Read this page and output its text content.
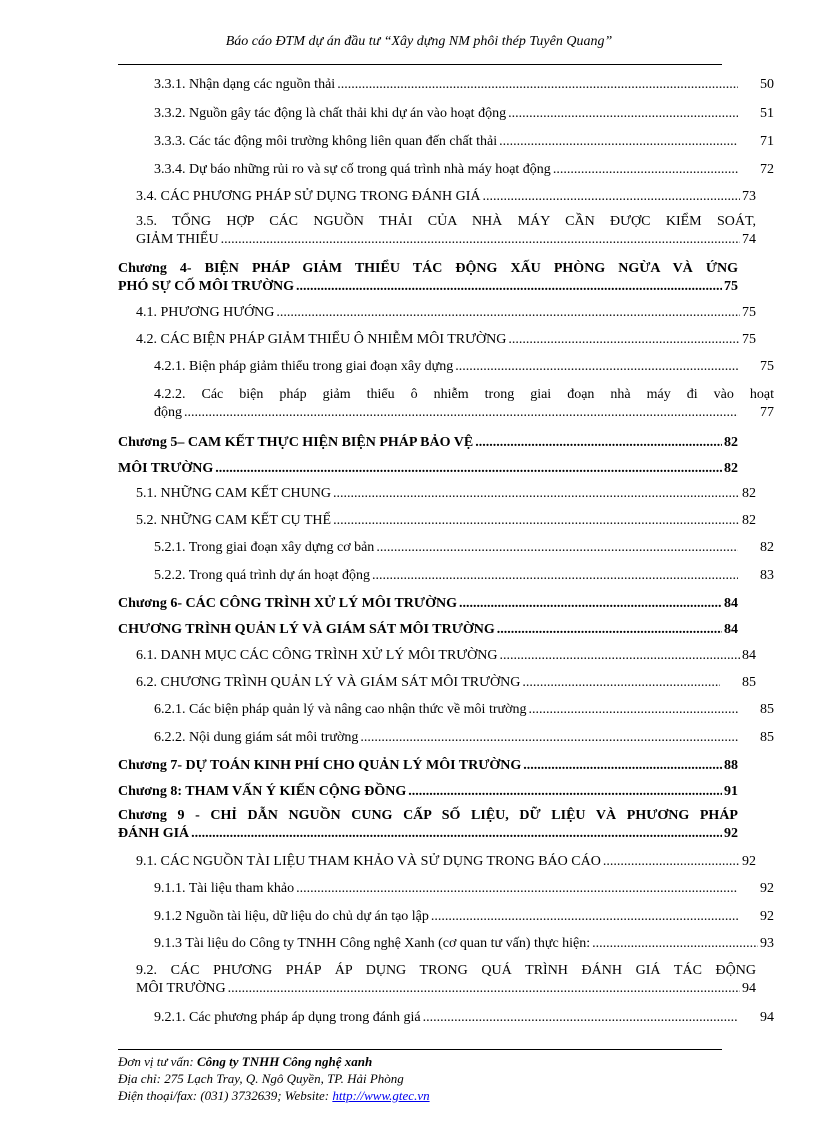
Báo cáo ĐTM dự án đầu tư “Xây dựng NM phôi thép Tuyên Quang”
3.3.1. Nhận dạng các nguồn thải .....	50
3.3.2. Nguồn gây tác động là chất thải khi dự án vào hoạt động .....	51
3.3.3. Các tác động môi trường không liên quan đến chất thải .....	71
3.3.4. Dự báo những rủi ro và sự cố trong quá trình nhà máy hoạt động .....	72
3.4. CÁC PHƯƠNG PHÁP SỬ DỤNG TRONG ĐÁNH GIÁ .....	73
3.5. TỔNG HỢP CÁC NGUỒN THẢI CỦA NHÀ MÁY CẦN ĐƯỢC KIỂM SOÁT,
GIẢM THIỂU .....	74
Chương 4- BIỆN PHÁP GIẢM THIỂU TÁC ĐỘNG XẤU PHÒNG NGỪA VÀ ỨNG
PHÓ SỰ CỐ MÔI TRƯỜNG .....	75
4.1. PHƯƠNG HƯỚNG .....	75
4.2. CÁC BIỆN PHÁP GIẢM THIỂU Ô NHIỄM MÔI TRƯỜNG .....	75
4.2.1. Biện pháp giảm thiểu trong giai đoạn xây dựng .....	75
4.2.2. Các biện pháp giảm thiểu ô nhiễm trong giai đoạn nhà máy đi vào hoạt
động .....	77
Chương 5– CAM KẾT THỰC HIỆN BIỆN PHÁP BẢO VỆ .....	82
MÔI TRƯỜNG .....	82
5.1. NHỮNG CAM KẾT CHUNG .....	82
5.2. NHỮNG CAM KẾT CỤ THỂ .....	82
5.2.1. Trong giai đoạn xây dựng cơ bản .....	82
5.2.2. Trong quá trình dự án hoạt động .....	83
Chương 6- CÁC CÔNG TRÌNH XỬ LÝ MÔI TRƯỜNG .....	84
CHƯƠNG TRÌNH QUẢN LÝ VÀ GIÁM SÁT MÔI TRƯỜNG .....	84
6.1. DANH MỤC CÁC CÔNG TRÌNH XỬ LÝ MÔI TRƯỜNG .....	84
6.2. CHƯƠNG TRÌNH QUẢN LÝ VÀ GIÁM SÁT MÔI TRƯỜNG .....	85
6.2.1. Các biện pháp quản lý và nâng cao nhận thức về môi trường .....	85
6.2.2. Nội dung giám sát môi trường .....	85
Chương 7- DỰ TOÁN KINH PHÍ CHO QUẢN LÝ MÔI TRƯỜNG .....	88
Chương 8: THAM VẤN Ý KIẾN CỘNG ĐỒNG .....	91
Chương 9 - CHỈ DẪN NGUỒN CUNG CẤP SỐ LIỆU, DỮ LIỆU VÀ PHƯƠNG PHÁP
ĐÁNH GIÁ .....	92
9.1. CÁC NGUỒN TÀI LIỆU THAM KHẢO VÀ SỬ DỤNG TRONG BÁO CÁO .....	92
9.1.1. Tài liệu tham khảo .....	92
9.1.2 Nguồn tài liệu, dữ liệu do chủ dự án tạo lập .....	92
9.1.3 Tài liệu do Công ty TNHH Công nghệ Xanh (cơ quan tư vấn) thực hiện: .....	93
9.2. CÁC PHƯƠNG PHÁP ÁP DỤNG TRONG QUÁ TRÌNH ĐÁNH GIÁ TÁC ĐỘNG
MÔI TRƯỜNG .....	94
9.2.1. Các phương pháp áp dụng trong đánh giá .....	94
Đơn vị tư vấn: Công ty TNHH Công nghệ xanh
Địa chỉ: 275 Lạch Tray, Q. Ngô Quyền, TP. Hải Phòng
Điện thoại/fax: (031) 3732639; Website: http://www.gtec.vn
